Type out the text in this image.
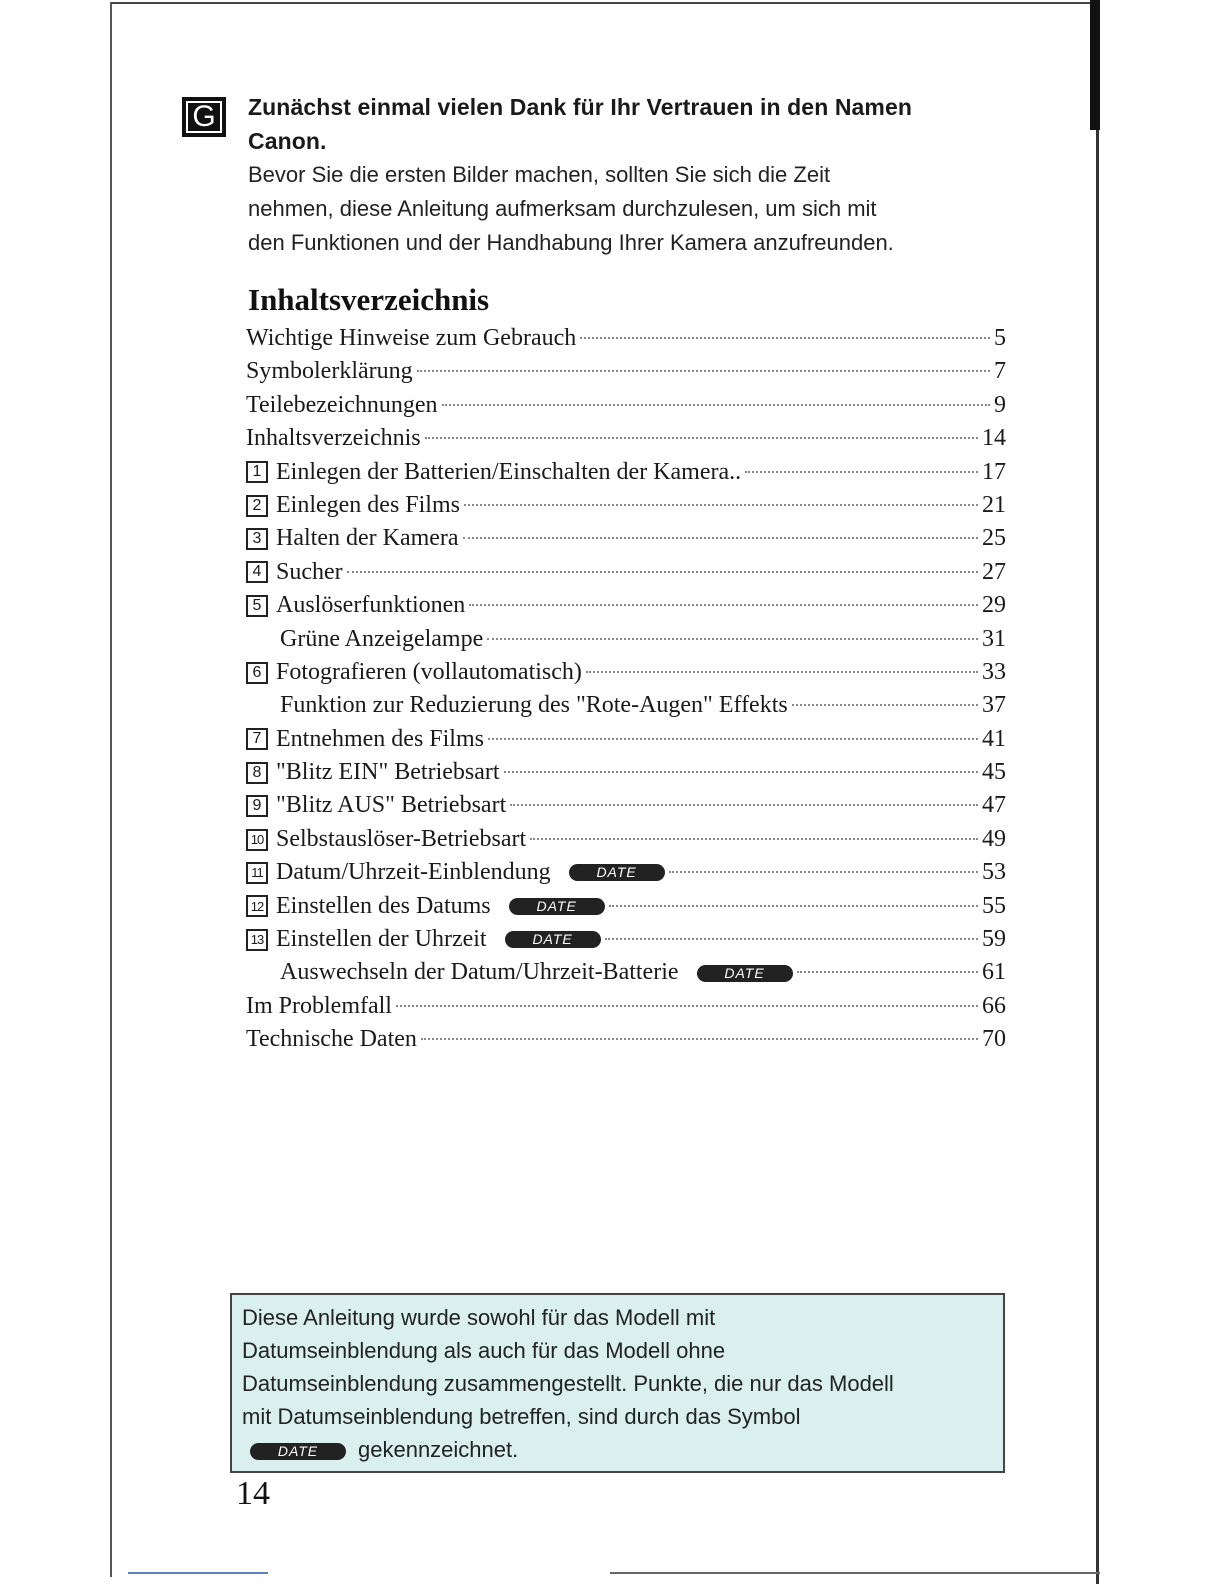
G Zunächst einmal vielen Dank für Ihr Vertrauen in den Namen

Canon.

Bevor Sie die ersten Bilder machen, sollten Sie sich die Zeit

nehmen, diese Anleitung aufmerksam durchzulesen, um sich mit

den Funktionen und der Handhabung Ihrer Kamera anzufreunden.

Inhaltsverzeichnis
Wichtige Hinweise zum Gebrauch	5
Symbolerklärung	7
Teilebezeichnungen	9
Inhaltsverzeichnis	14
1 Einlegen der Batterien/Einschalten der Kamera..	17
2 Einlegen des Films	21
3 Halten der Kamera	25
4 Sucher	27
5 Auslöserfunktionen	29
Grüne Anzeigelampe	31
6 Fotografieren (vollautomatisch)	33
Funktion zur Reduzierung des "Rote-Augen" Effekts	37
7 Entnehmen des Films	41
8 "Blitz EIN" Betriebsart	45
9 "Blitz AUS" Betriebsart	47
10 Selbstauslöser-Betriebsart	49
11 Datum/Uhrzeit-Einblendung	DATE	53
12 Einstellen des Datums	DATE	55
13 Einstellen der Uhrzeit	DATE	59
Auswechseln der Datum/Uhrzeit-Batterie	DATE	61
Im Problemfall	66
Technische Daten	70

Diese Anleitung wurde sowohl für das Modell mit

Datumseinblendung als auch für das Modell ohne

Datumseinblendung zusammengestellt. Punkte, die nur das Modell

mit Datumseinblendung betreffen, sind durch das Symbol

DATE gekennzeichnet.

14
